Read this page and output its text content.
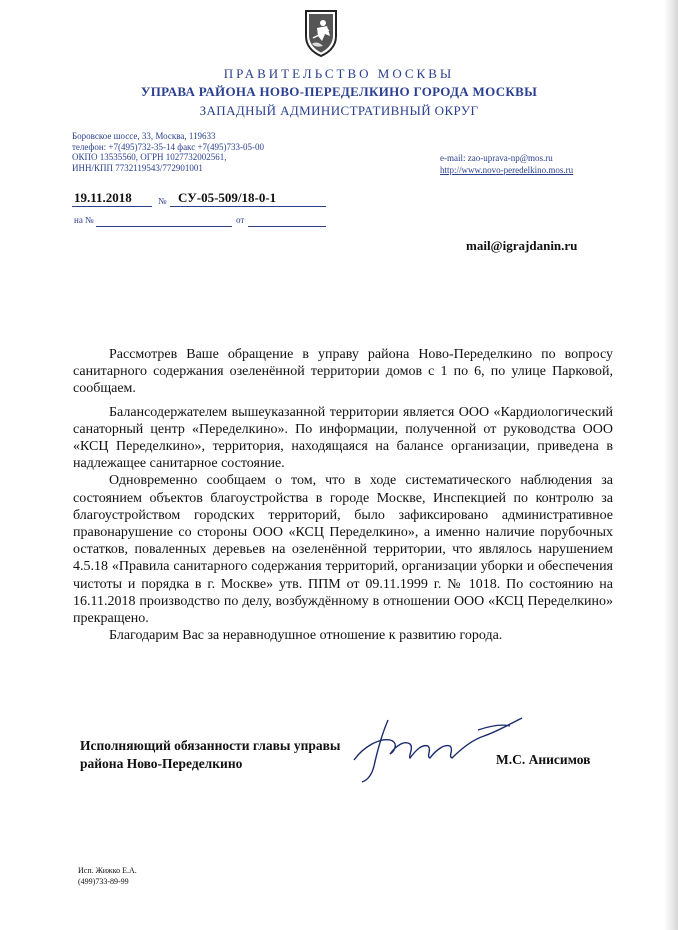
ПРАВИТЕЛЬСТВО МОСКВЫ
УПРАВА РАЙОНА НОВО-ПЕРЕДЕЛКИНО ГОРОДА МОСКВЫ
ЗАПАДНЫЙ АДМИНИСТРАТИВНЫЙ ОКРУГ
Боровское шоссе, 33, Москва, 119633
телефон: +7(495)732-35-14 факс +7(495)733-05-00
ОКПО 13535560, ОГРН 1027732002561,
ИНН/КПП 7732119543/772901001
e-mail: zao-uprava-np@mos.ru
http://www.novo-peredelkino.mos.ru
19.11.2018	№ СУ-05-509/18-0-1
на №	от
mail@igrajdanin.ru

Рассмотрев Ваше обращение в управу района Ново-Переделкино по вопросу санитарного содержания озеленённой территории домов с 1 по 6, по улице Парковой, сообщаем.

Балансодержателем вышеуказанной территории является ООО «Кардиологический санаторный центр «Переделкино». По информации, полученной от руководства ООО «КСЦ Переделкино», территория, находящаяся на балансе организации, приведена в надлежащее санитарное состояние.

Одновременно сообщаем о том, что в ходе систематического наблюдения за состоянием объектов благоустройства в городе Москве, Инспекцией по контролю за благоустройством городских территорий, было зафиксировано административное правонарушение со стороны ООО «КСЦ Переделкино», а именно наличие порубочных остатков, поваленных деревьев на озеленённой территории, что являлось нарушением 4.5.18 «Правила санитарного содержания территорий, организации уборки и обеспечения чистоты и порядка в г. Москве» утв. ППМ от 09.11.1999 г. № 1018. По состоянию на 16.11.2018 производство по делу, возбуждённому в отношении ООО «КСЦ Переделкино» прекращено.

Благодарим Вас за неравнодушное отношение к развитию города.

Исполняющий обязанности главы управы
района Ново-Переделкино	М.С. Анисимов
Исп. Жижко Е.А.
(499)733-89-99
